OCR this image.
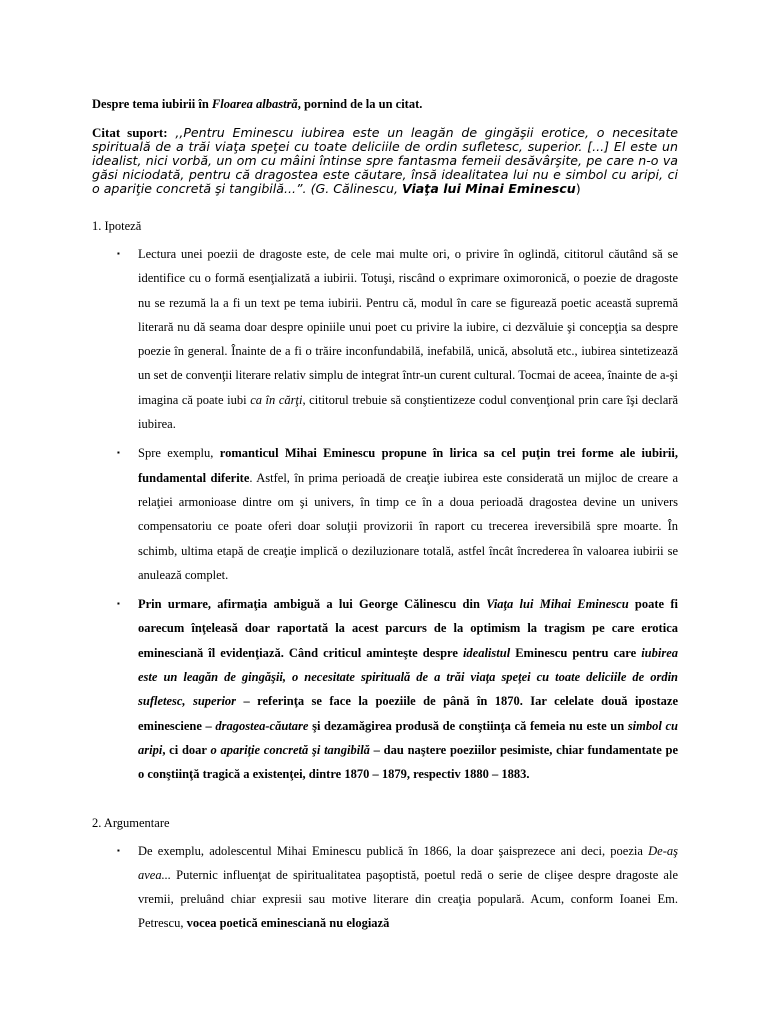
Despre tema iubirii în Floarea albastră, pornind de la un citat.

Citat suport: ,,Pentru Eminescu iubirea este un leagăn de gingăşii erotice, o necesitate spirituală de a trăi viaţa speţei cu toate deliciile de ordin sufletesc, superior. [...] El este un idealist, nici vorbă, un om cu mâini întinse spre fantasma femeii desăvârşite, pe care n-o va găsi niciodată, pentru că dragostea este căutare, însă idealitatea lui nu e simbol cu aripi, ci o apariţie concretă şi tangibilă...”. (G. Călinescu, Viaţa lui Minai Eminescu)
1. Ipoteză
▪ Lectura unei poezii de dragoste este, de cele mai multe ori, o privire în oglindă, cititorul căutând să se identifice cu o formă esenţializată a iubirii. Totuşi, riscând o exprimare oximoronică, o poezie de dragoste nu se rezumă la a fi un text pe tema iubirii. Pentru că, modul în care se figurează poetic această supremă literară nu dă seama doar despre opiniile unui poet cu privire la iubire, ci dezvăluie şi concepţia sa despre poezie în general. Înainte de a fi o trăire inconfundabilă, inefabilă, unică, absolută etc., iubirea sintetizează un set de convenţii literare relativ simplu de integrat într-un curent cultural. Tocmai de aceea, înainte de a-şi imagina că poate iubi ca în cărţi, cititorul trebuie să conştientizeze codul convenţional prin care îşi declară iubirea.
▪ Spre exemplu, romanticul Mihai Eminescu propune în lirica sa cel puţin trei forme ale iubirii, fundamental diferite. Astfel, în prima perioadă de creaţie iubirea este considerată un mijloc de creare a relaţiei armonioase dintre om şi univers, în timp ce în a doua perioadă dragostea devine un univers compensatoriu ce poate oferi doar soluţii provizorii în raport cu trecerea ireversibilă spre moarte. În schimb, ultima etapă de creaţie implică o deziluzionare totală, astfel încât încrederea în valoarea iubirii se anulează complet.
▪ Prin urmare, afirmaţia ambiguă a lui George Călinescu din Viaţa lui Mihai Eminescu poate fi oarecum înţeleasă doar raportată la acest parcurs de la optimism la tragism pe care erotica eminesciană îl evidenţiază. Când criticul aminteşte despre idealistul Eminescu pentru care iubirea este un leagăn de gingăşii, o necesitate spirituală de a trăi viaţa speţei cu toate deliciile de ordin sufletesc, superior – referinţa se face la poeziile de până în 1870. Iar celelate două ipostaze eminesciene – dragostea-căutare şi dezamăgirea produsă de conştiinţa că femeia nu este un simbol cu aripi, ci doar o apariţie concretă şi tangibilă – dau naştere poeziilor pesimiste, chiar fundamentate pe o conştiinţă tragică a existenţei, dintre 1870 – 1879, respectiv 1880 – 1883.
2. Argumentare
▪ De exemplu, adolescentul Mihai Eminescu publică în 1866, la doar şaisprezece ani deci, poezia De-aş avea... Puternic influenţat de spiritualitatea paşoptistă, poetul redă o serie de clişee despre dragoste ale vremii, preluând chiar expresii sau motive literare din creaţia populară. Acum, conform Ioanei Em. Petrescu, vocea poetică eminesciană nu elogiază
